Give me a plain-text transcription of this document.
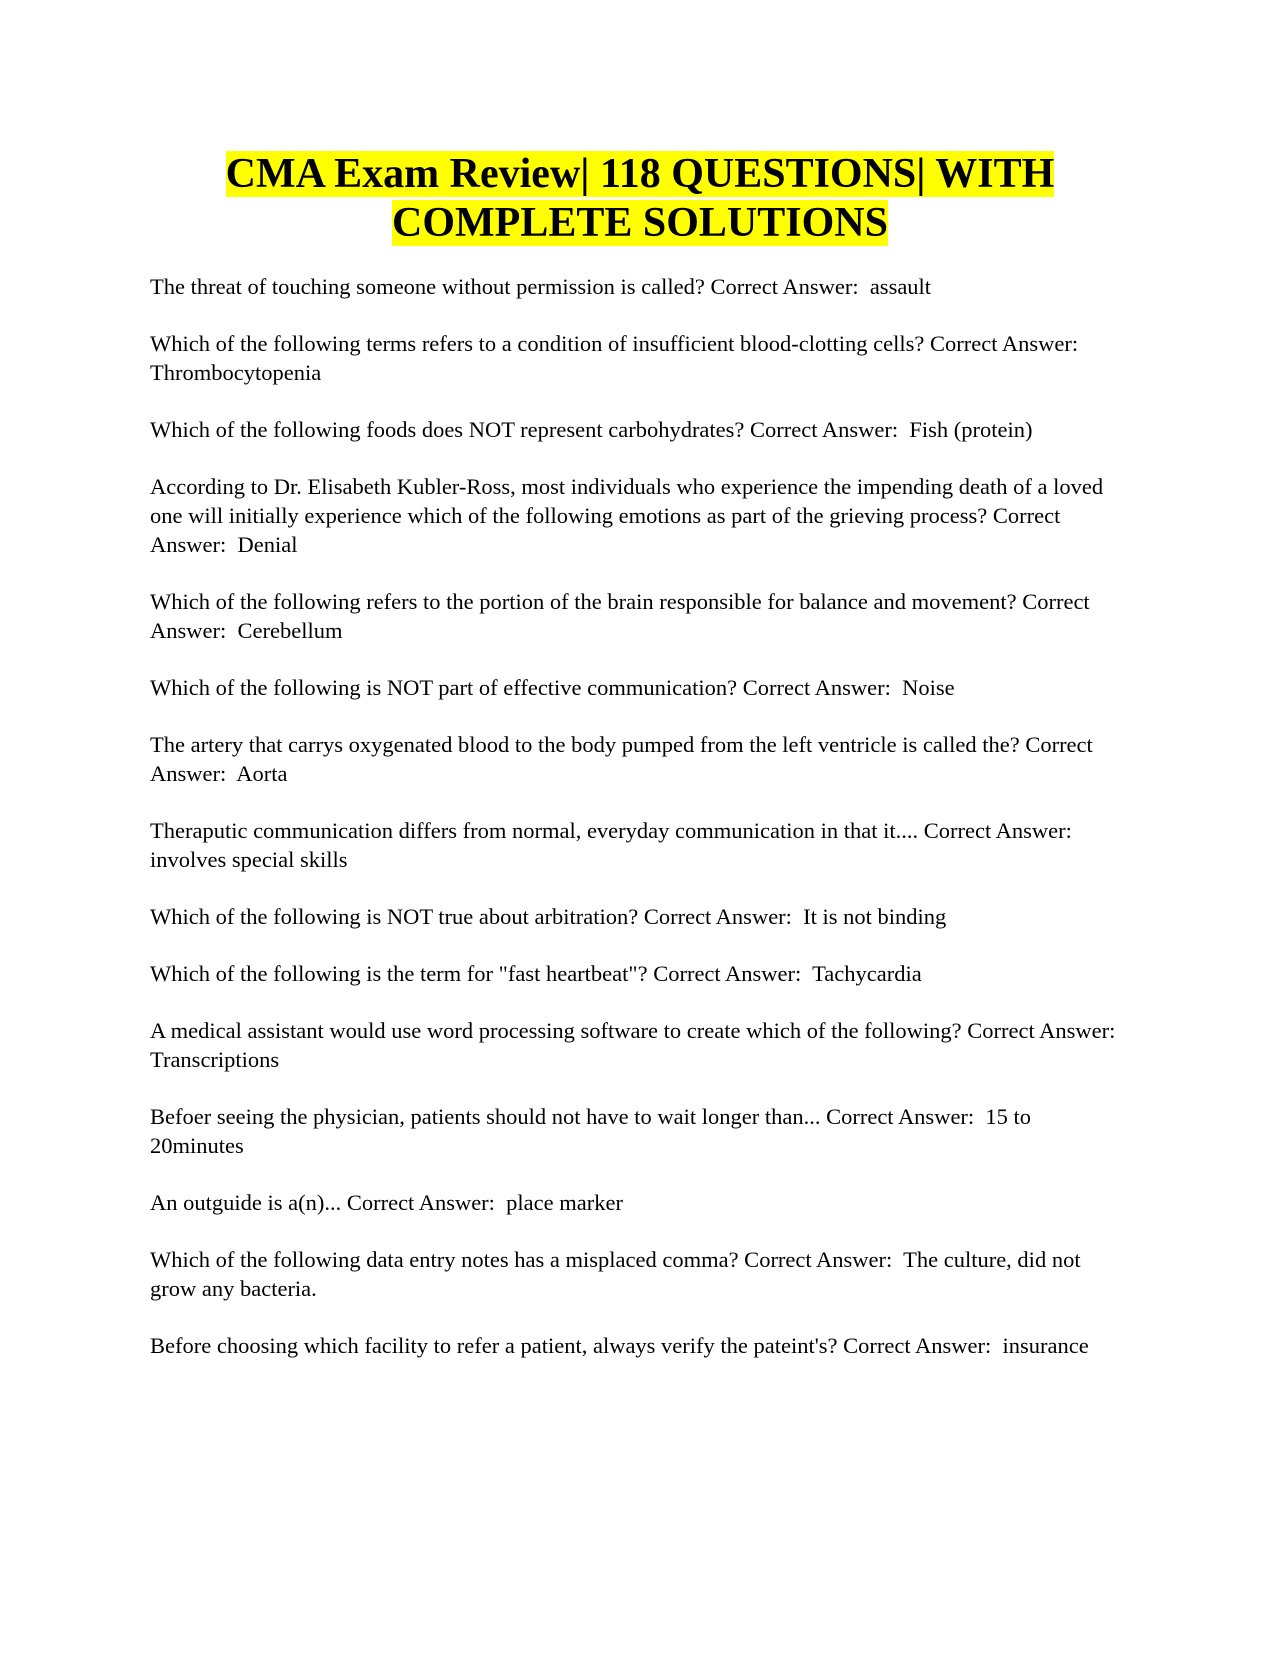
CMA Exam Review| 118 QUESTIONS| WITH
COMPLETE SOLUTIONS

The threat of touching someone without permission is called? Correct Answer:  assault

Which of the following terms refers to a condition of insufficient blood-clotting cells? Correct Answer:  Thrombocytopenia

Which of the following foods does NOT represent carbohydrates? Correct Answer:  Fish (protein)

According to Dr. Elisabeth Kubler-Ross, most individuals who experience the impending death of a loved one will initially experience which of the following emotions as part of the grieving process? Correct Answer:  Denial

Which of the following refers to the portion of the brain responsible for balance and movement? Correct Answer:  Cerebellum

Which of the following is NOT part of effective communication? Correct Answer:  Noise

The artery that carrys oxygenated blood to the body pumped from the left ventricle is called the? Correct Answer:  Aorta

Theraputic communication differs from normal, everyday communication in that it.... Correct Answer:  involves special skills

Which of the following is NOT true about arbitration? Correct Answer:  It is not binding

Which of the following is the term for "fast heartbeat"? Correct Answer:  Tachycardia

A medical assistant would use word processing software to create which of the following? Correct Answer:  Transcriptions

Befoer seeing the physician, patients should not have to wait longer than... Correct Answer:  15 to 20minutes

An outguide is a(n)... Correct Answer:  place marker

Which of the following data entry notes has a misplaced comma? Correct Answer:  The culture, did not grow any bacteria.

Before choosing which facility to refer a patient, always verify the pateint's? Correct Answer:  insurance
